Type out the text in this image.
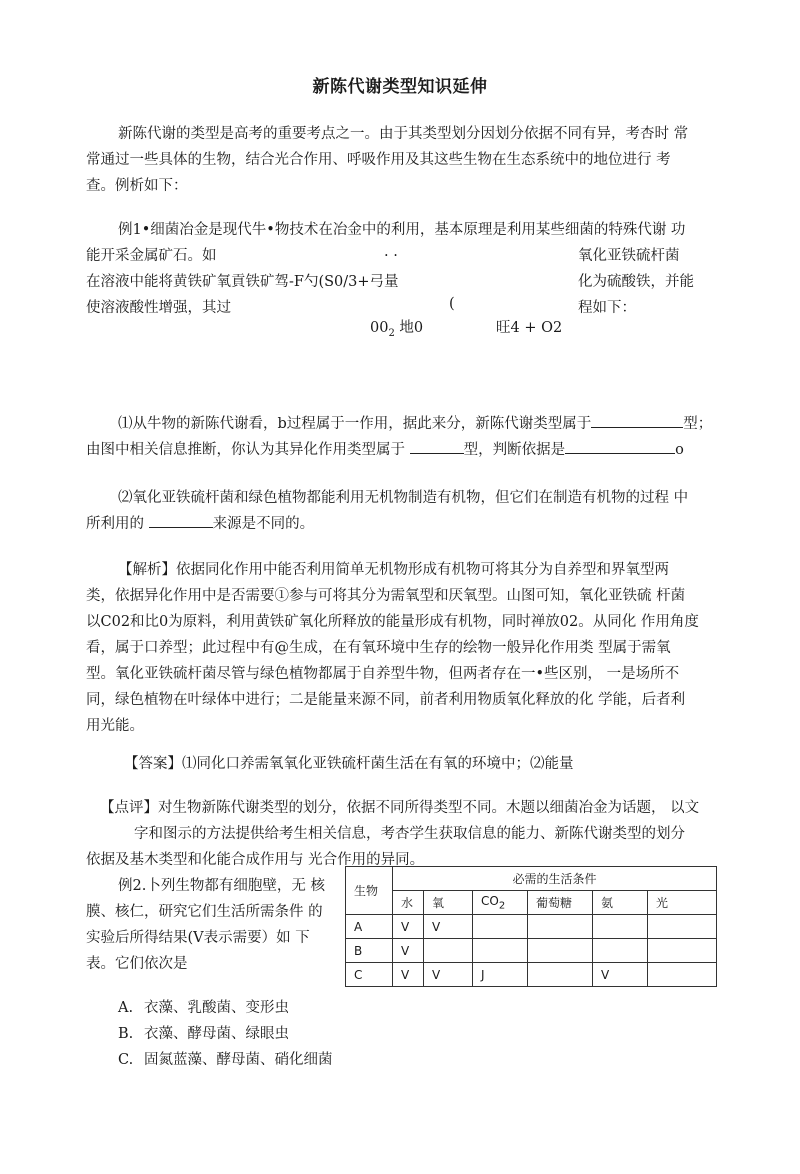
新陈代谢类型知识延伸
新陈代谢的类型是高考的重要考点之一。由于其类型划分因划分依据不同有异，考杏时 常
常通过一些具体的生物，结合光合作用、呼吸作用及其这些生物在生态系统中的地位进行 考
查。例析如下：
例1•细菌冶金是现代牛•物技术在冶金中的利用，基本原理是利用某些细菌的特殊代谢 功
能开采金属矿石。如	. .	氧化亚铁硫杆菌
在溶液中能将黄铁矿氧貢铁矿驾-F勺(S0/3+弓量	化为硫酸铁，并能
使溶液酸性增强，其过	(	程如下：
$00_2$ 地0	旺4 + O2
⑴从牛物的新陈代谢看，b过程属于一作用，据此来分，新陈代谢类型属于	型；
由图中相关信息推断，你认为其异化作用类型属于	型，判断依据是	o
⑵氧化亚铁硫杆菌和绿色植物都能利用无机物制造有机物，但它们在制造有机物的过程 中
所利用的	来源是不同的。
【解析】依据同化作用中能否利用简单无机物形成有机物可将其分为自养型和界氧型两
类，依据异化作用中是否需要①参与可将其分为需氧型和厌氧型。山图可知，氧化亚铁硫 杆菌
以C02和比0为原料，利用黄铁矿氧化所释放的能量形成有机物，同时禅放02。从同化 作用角度
看，属于口养型；此过程中有@生成，在有氧环境中生存的绘物一般异化作用类 型属于需氧
型。氧化亚铁硫杆菌尽管与绿色植物都属于自养型牛物，但两者存在一•些区别， 一是场所不
同，绿色植物在叶绿体中进行；二是能量来源不同，前者利用物质氧化释放的化 学能，后者利
用光能。
【答案】⑴同化口养需氧氧化亚铁硫杆菌生活在有氧的环境中；⑵能量
【点评】对生物新陈代谢类型的划分，依据不同所得类型不同。木题以细菌冶金为话题， 以文
字和图示的方法提供给考生相关信息，考杏学生获取信息的能力、新陈代谢类型的划分
依据及基木类型和化能合成作用与 光合作用的异同。
例2.卜列生物都有细胞壁，无 核
膜、核仁，研究它们生活所需条件 的
实验后所得结果(V表示需要）如 下
表。它们依次是
生物	必需的生活条件					
	水	氧	$CO_2$	葡萄糖	氨	光
A	V	V				
B	V					
C	V	V	J		V	
A. 衣藻、乳酸菌、变形虫
B. 衣藻、酵母菌、绿眼虫
C. 固氮蓝藻、酵母菌、硝化细菌
